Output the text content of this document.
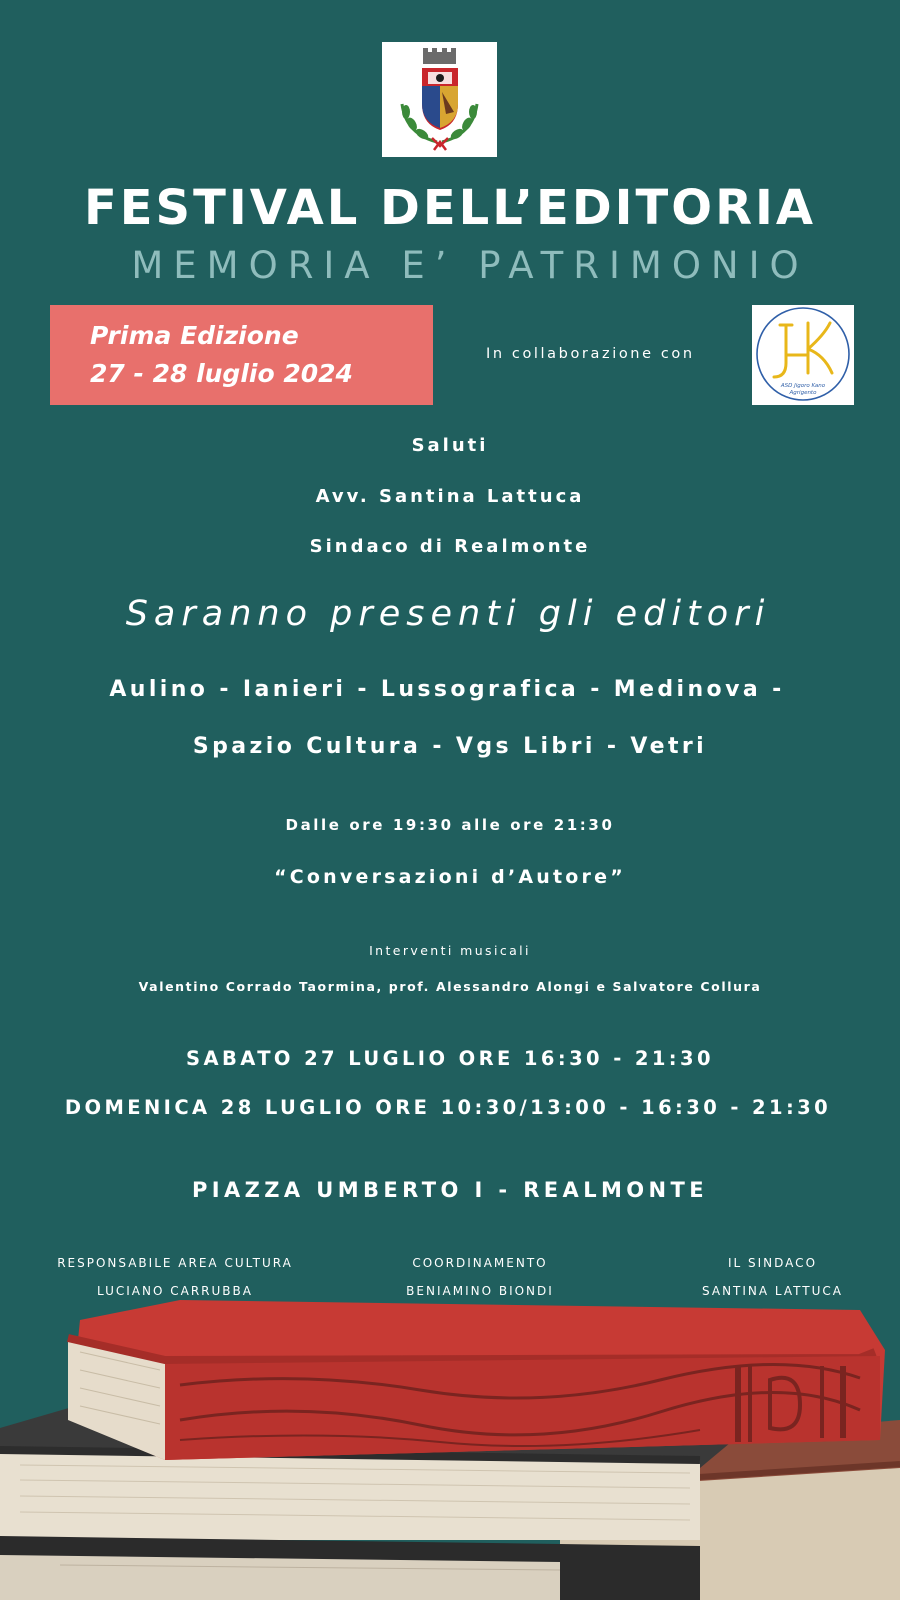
FESTIVAL DELL’EDITORIA
MEMORIA E’ PATRIMONIO
Prima Edizione
27 - 28 luglio 2024
In collaborazione con
ASD Jigoro Kano
Agrigento
Saluti
Avv. Santina Lattuca
Sindaco di Realmonte
Saranno presenti gli editori
Aulino - Ianieri - Lussografica - Medinova -
Spazio Cultura - Vgs Libri - Vetri
Dalle ore 19:30 alle ore 21:30
“Conversazioni d’Autore”
Interventi musicali
Valentino Corrado Taormina, prof. Alessandro Alongi e Salvatore Collura
SABATO 27 LUGLIO ORE 16:30 - 21:30
DOMENICA 28 LUGLIO ORE 10:30/13:00 - 16:30 - 21:30
PIAZZA UMBERTO I - REALMONTE
RESPONSABILE AREA CULTURA
LUCIANO CARRUBBA
COORDINAMENTO
BENIAMINO BIONDI
IL SINDACO
SANTINA LATTUCA
